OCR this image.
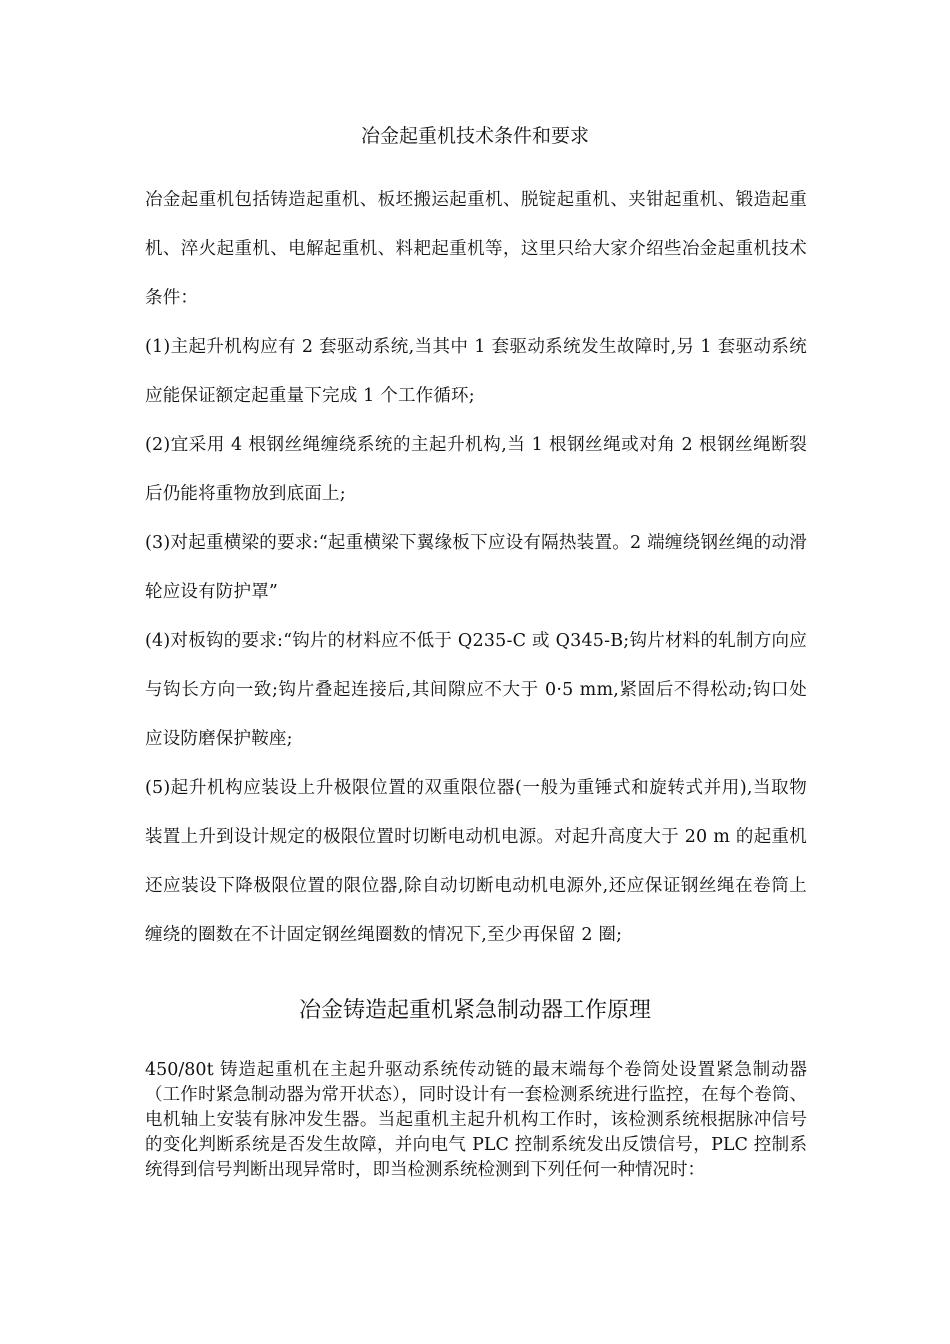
冶金起重机技术条件和要求

冶金起重机包括铸造起重机、板坯搬运起重机、脱锭起重机、夹钳起重机、锻造起重机、淬火起重机、电解起重机、料耙起重机等，这里只给大家介绍些冶金起重机技术条件：

(1)主起升机构应有 2 套驱动系统,当其中 1 套驱动系统发生故障时,另 1 套驱动系统应能保证额定起重量下完成 1 个工作循环;

(2)宜采用 4 根钢丝绳缠绕系统的主起升机构,当 1 根钢丝绳或对角 2 根钢丝绳断裂后仍能将重物放到底面上;

(3)对起重横梁的要求:“起重横梁下翼缘板下应设有隔热装置。2 端缠绕钢丝绳的动滑轮应设有防护罩”

(4)对板钩的要求:“钩片的材料应不低于 Q235-C 或 Q345-B;钩片材料的轧制方向应与钩长方向一致;钩片叠起连接后,其间隙应不大于 0·5 mm,紧固后不得松动;钩口处应设防磨保护鞍座;

(5)起升机构应装设上升极限位置的双重限位器(一般为重锤式和旋转式并用),当取物装置上升到设计规定的极限位置时切断电动机电源。对起升高度大于 20 m 的起重机还应装设下降极限位置的限位器,除自动切断电动机电源外,还应保证钢丝绳在卷筒上缠绕的圈数在不计固定钢丝绳圈数的情况下,至少再保留 2 圈;

冶金铸造起重机紧急制动器工作原理

450/80t 铸造起重机在主起升驱动系统传动链的最末端每个卷筒处设置紧急制动器（工作时紧急制动器为常开状态），同时设计有一套检测系统进行监控，在每个卷筒、电机轴上安装有脉冲发生器。当起重机主起升机构工作时，该检测系统根据脉冲信号的变化判断系统是否发生故障，并向电气 PLC 控制系统发出反馈信号，PLC 控制系统得到信号判断出现异常时，即当检测系统检测到下列任何一种情况时：
